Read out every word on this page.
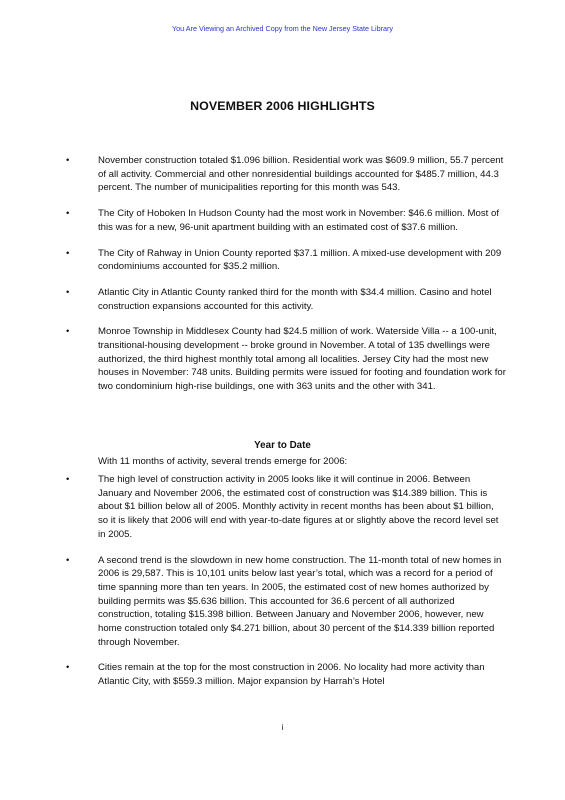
You Are Viewing an Archived Copy from the New Jersey State Library
NOVEMBER 2006 HIGHLIGHTS
•	November construction totaled $1.096 billion. Residential work was $609.9 million, 55.7 percent of all activity. Commercial and other nonresidential buildings accounted for $485.7 million, 44.3 percent. The number of municipalities reporting for this month was 543.
•	The City of Hoboken In Hudson County had the most work in November: $46.6 million. Most of this was for a new, 96-unit apartment building with an estimated cost of $37.6 million.
•	The City of Rahway in Union County reported $37.1 million. A mixed-use development with 209 condominiums accounted for $35.2 million.
•	Atlantic City in Atlantic County ranked third for the month with $34.4 million. Casino and hotel construction expansions accounted for this activity.
•	Monroe Township in Middlesex County had $24.5 million of work. Waterside Villa -- a 100-unit, transitional-housing development -- broke ground in November. A total of 135 dwellings were authorized, the third highest monthly total among all localities. Jersey City had the most new houses in November: 748 units. Building permits were issued for footing and foundation work for two condominium high-rise buildings, one with 363 units and the other with 341.
Year to Date
With 11 months of activity, several trends emerge for 2006:
•	The high level of construction activity in 2005 looks like it will continue in 2006. Between January and November 2006, the estimated cost of construction was $14.389 billion. This is about $1 billion below all of 2005. Monthly activity in recent months has been about $1 billion, so it is likely that 2006 will end with year-to-date figures at or slightly above the record level set in 2005.
•	A second trend is the slowdown in new home construction. The 11-month total of new homes in 2006 is 29,587. This is 10,101 units below last year’s total, which was a record for a period of time spanning more than ten years. In 2005, the estimated cost of new homes authorized by building permits was $5.636 billion. This accounted for 36.6 percent of all authorized construction, totaling $15.398 billion. Between January and November 2006, however, new home construction totaled only $4.271 billion, about 30 percent of the $14.339 billion reported through November.
•	Cities remain at the top for the most construction in 2006. No locality had more activity than Atlantic City, with $559.3 million. Major expansion by Harrah’s Hotel
i
